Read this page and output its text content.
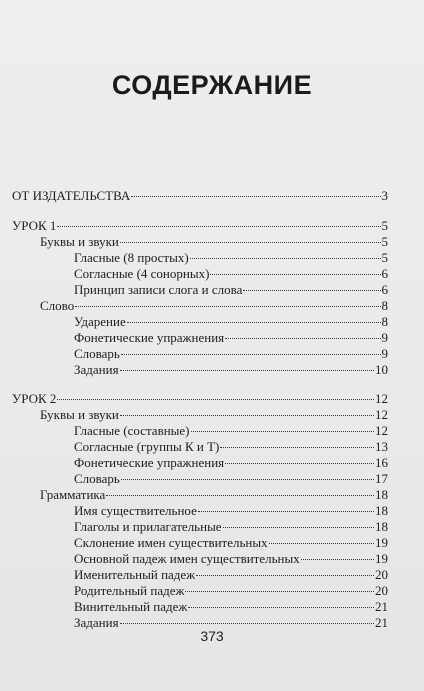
СОДЕРЖАНИЕ
ОТ ИЗДАТЕЛЬСТВА	3
УРОК 1	5
Буквы и звуки	5
Гласные (8 простых)	5
Согласные (4 сонорных)	6
Принцип записи слога и слова	6
Слово	8
Ударение	8
Фонетические упражнения	9
Словарь	9
Задания	10
УРОК 2	12
Буквы и звуки	12
Гласные (составные)	12
Согласные (группы К и Т)	13
Фонетические упражнения	16
Словарь	17
Грамматика	18
Имя существительное	18
Глаголы и прилагательные	18
Склонение имен существительных	19
Основной падеж имен существительных	19
Именительный падеж	20
Родительный падеж	20
Винительный падеж	21
Задания	21
373
